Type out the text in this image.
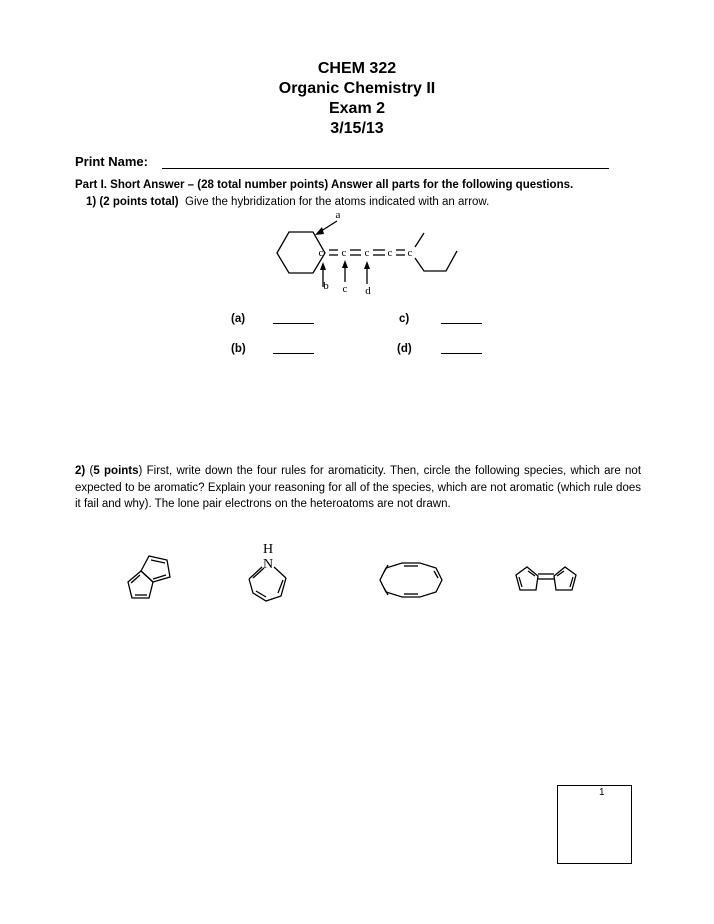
CHEM 322
Organic Chemistry II
Exam 2
3/15/13
Print Name:
Part I. Short Answer – (28 total number points) Answer all parts for the following questions.
1) (2 points total) Give the hybridization for the atoms indicated with an arrow.
(a)	c)
(b)	(d)
2) (5 points) First, write down the four rules for aromaticity. Then, circle the following species, which are not expected to be aromatic? Explain your reasoning for all of the species, which are not aromatic (which rule does it fail and why). The lone pair electrons on the heteroatoms are not drawn.
c c c c c
a
b c d
H
N
1
